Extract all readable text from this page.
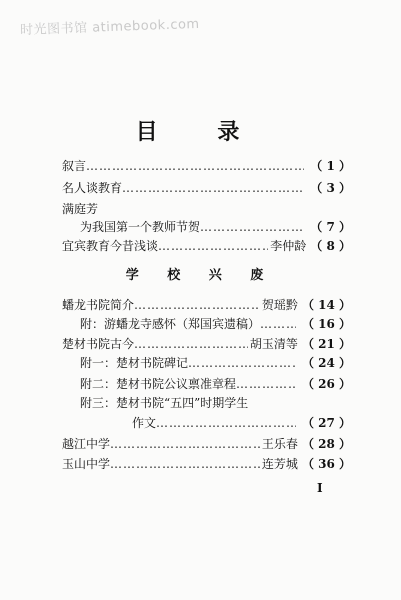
时光图书馆 atimebook.com
目 录
叙言 ……………………………………………………………………………………………………………………	（ 1 ）
名人谈教育 ……………………………………………………………………………………………………………………	（ 3 ）
满庭芳
为我国第一个教师节贺 ……………………………………………………………………………………………………………………	（ 7 ）
宜宾教育今昔浅谈 ……………………………………………………………………………………………………………………	李仲龄 （ 8 ）
学 校 兴 废
蟠龙书院简介 ……………………………………………………………………………………………………………………	贺瑶黔 （ 14 ）
附：游蟠龙寺感怀（郑国宾遗稿） ……………………………………………………………………………………………………………………	（ 16 ）
楚材书院古今 ……………………………………………………………………………………………………………………	胡玉清等 （ 21 ）
附一：楚材书院碑记 ……………………………………………………………………………………………………………………	（ 24 ）
附二：楚材书院公议禀准章程 ……………………………………………………………………………………………………………………	（ 26 ）
附三：楚材书院“五四”时期学生
作文 ……………………………………………………………………………………………………………………	（ 27 ）
越江中学 ……………………………………………………………………………………………………………………	王乐春 （ 28 ）
玉山中学 ……………………………………………………………………………………………………………………	连芳城 （ 36 ）
I
